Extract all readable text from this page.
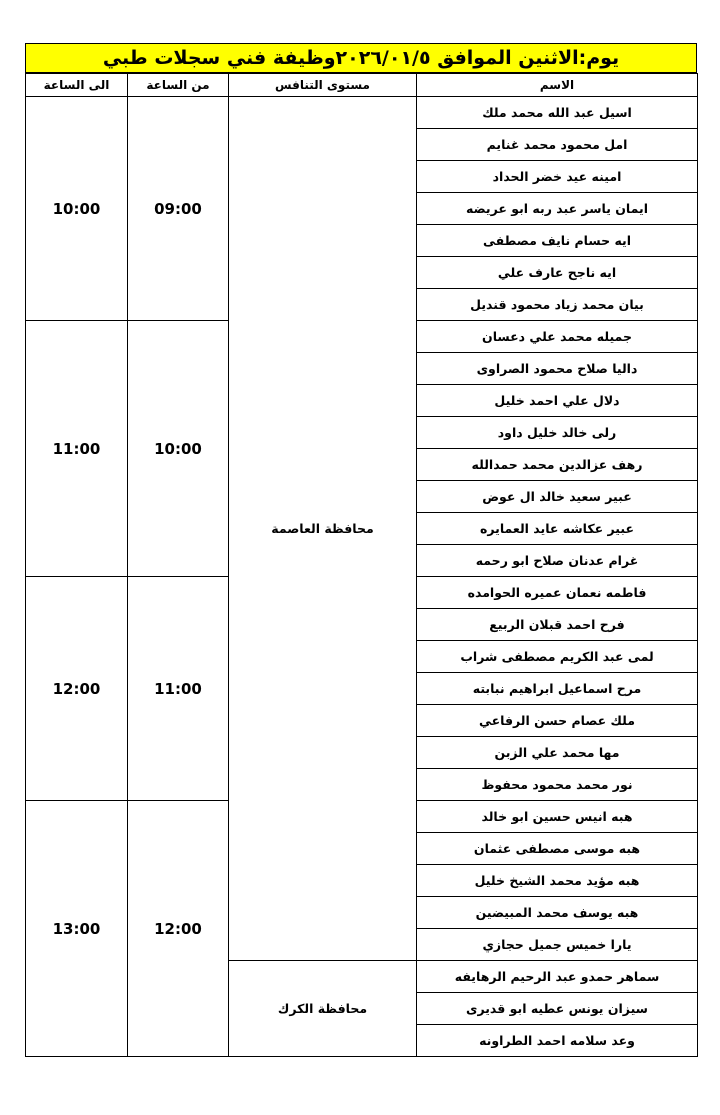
يوم:الاثنين الموافق ٢٠٢٦/٠١/٥وظيفة فني سجلات طبي
الى الساعة	من الساعة	مستوى التنافس	الاسم
10:00	09:00	محافظة العاصمة	اسيل عبد الله محمد ملك
			امل محمود محمد غنايم
			امينه عيد خضر الحداد
			ايمان ياسر عبد ربه ابو عريضه
			ايه حسام نايف مصطفى
			ايه ناجح عارف علي
			بيان محمد زياد محمود قنديل
11:00	10:00		جميله محمد علي دعسان
			داليا صلاح محمود الصراوى
			دلال علي احمد خليل
			رلى خالد خليل داود
			رهف عزالدين محمد حمدالله
			عبير سعيد خالد ال عوض
			عبير عكاشه عايد العمايره
			غرام عدنان صلاح ابو رحمه
12:00	11:00		فاطمه نعمان عميره الحوامده
			فرح احمد قبلان الربيع
			لمى عبد الكريم مصطفى شراب
			مرح اسماعيل ابراهيم نبابته
			ملك عصام حسن الرفاعي
			مها محمد علي الزبن
			نور محمد محمود محفوظ
13:00	12:00		هبه انيس حسين ابو خالد
			هبه موسى مصطفى عثمان
			هبه مؤيد محمد الشيخ خليل
			هبه يوسف محمد المبيضين
			يارا خميس جميل حجازي
		محافظة الكرك	سماهر حمدو عبد الرحيم الرهايفه
			سيزان يونس عطيه ابو قديرى
			وعد سلامه احمد الطراونه
